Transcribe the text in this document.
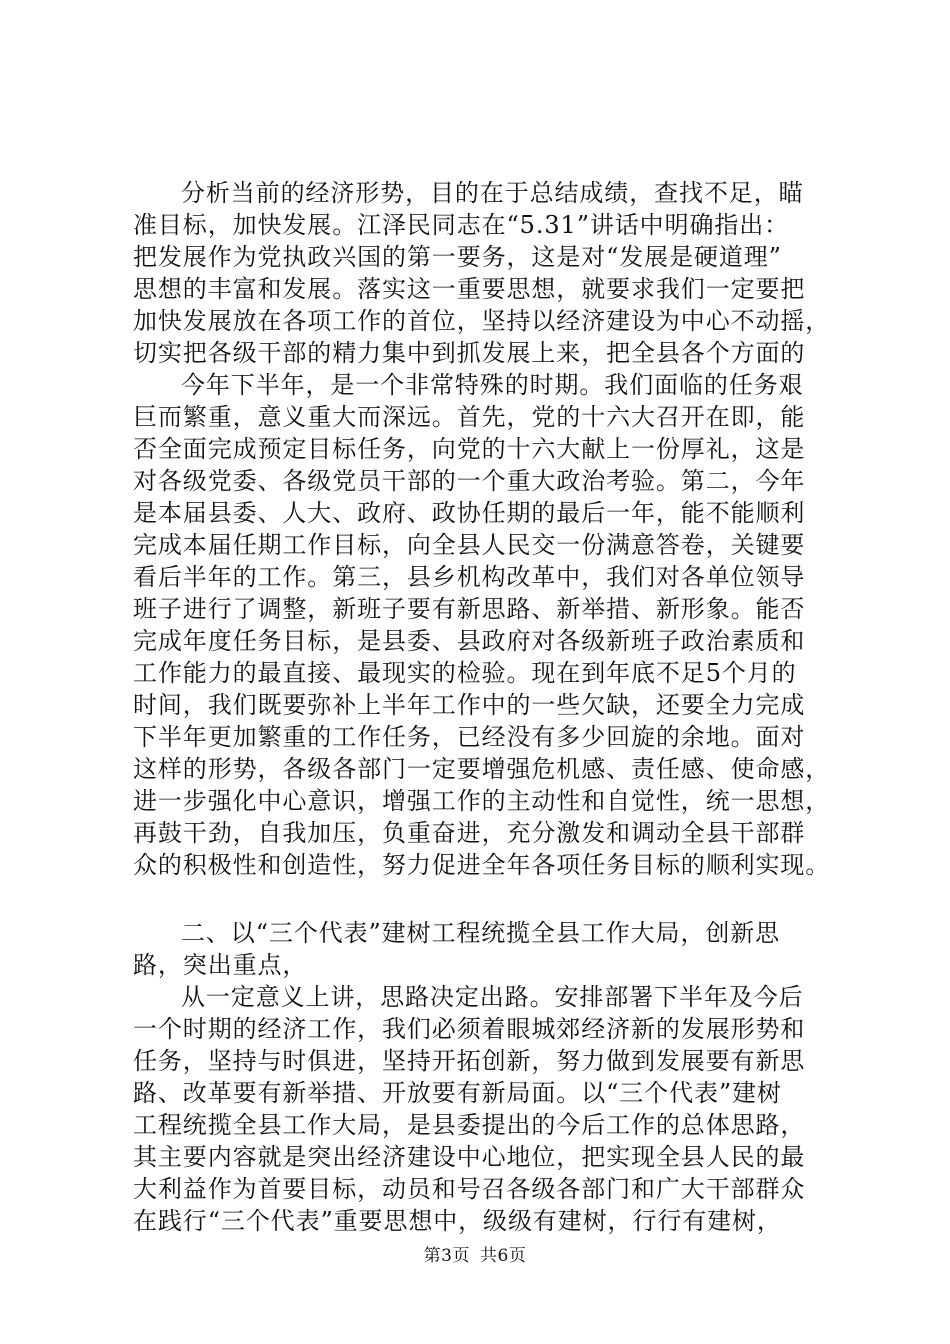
分析当前的经济形势，目的在于总结成绩，查找不足，瞄
准目标，加快发展。江泽民同志在“5.31”讲话中明确指出：
把发展作为党执政兴国的第一要务，这是对“发展是硬道理”
思想的丰富和发展。落实这一重要思想，就要求我们一定要把
加快发展放在各项工作的首位，坚持以经济建设为中心不动摇，
切实把各级干部的精力集中到抓发展上来，把全县各个方面的
今年下半年，是一个非常特殊的时期。我们面临的任务艰
巨而繁重，意义重大而深远。首先，党的十六大召开在即，能
否全面完成预定目标任务，向党的十六大献上一份厚礼，这是
对各级党委、各级党员干部的一个重大政治考验。第二，今年
是本届县委、人大、政府、政协任期的最后一年，能不能顺利
完成本届任期工作目标，向全县人民交一份满意答卷，关键要
看后半年的工作。第三，县乡机构改革中，我们对各单位领导
班子进行了调整，新班子要有新思路、新举措、新形象。能否
完成年度任务目标，是县委、县政府对各级新班子政治素质和
工作能力的最直接、最现实的检验。现在到年底不足5个月的
时间，我们既要弥补上半年工作中的一些欠缺，还要全力完成
下半年更加繁重的工作任务，已经没有多少回旋的余地。面对
这样的形势，各级各部门一定要增强危机感、责任感、使命感，
进一步强化中心意识，增强工作的主动性和自觉性，统一思想，
再鼓干劲，自我加压，负重奋进，充分激发和调动全县干部群
众的积极性和创造性，努力促进全年各项任务目标的顺利实现。
二、以“三个代表”建树工程统揽全县工作大局，创新思
路，突出重点，
从一定意义上讲，思路决定出路。安排部署下半年及今后
一个时期的经济工作，我们必须着眼城郊经济新的发展形势和
任务，坚持与时俱进，坚持开拓创新，努力做到发展要有新思
路、改革要有新举措、开放要有新局面。以“三个代表”建树
工程统揽全县工作大局，是县委提出的今后工作的总体思路，
其主要内容就是突出经济建设中心地位，把实现全县人民的最
大利益作为首要目标，动员和号召各级各部门和广大干部群众
在践行“三个代表”重要思想中，级级有建树，行行有建树，
第3页 共6页
